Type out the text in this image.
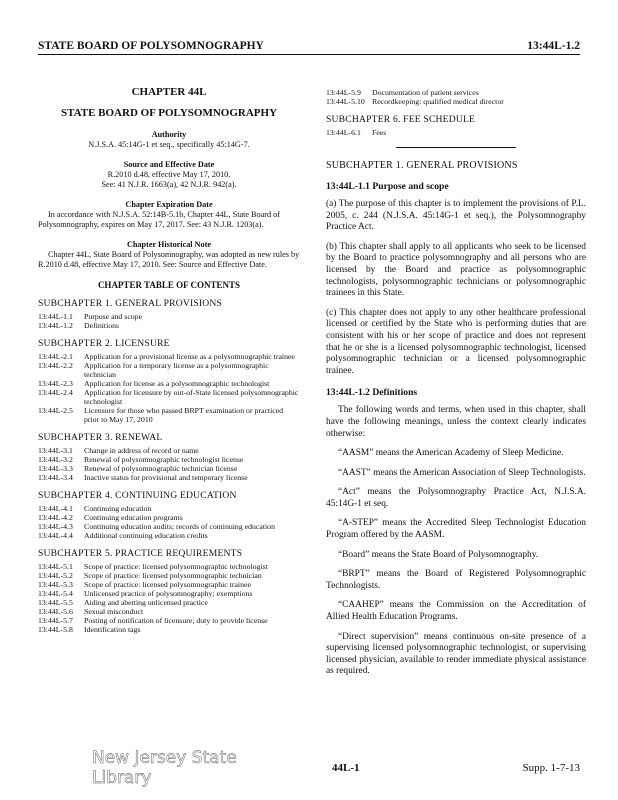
STATE BOARD OF POLYSOMNOGRAPHY	13:44L-1.2
CHAPTER 44L
STATE BOARD OF POLYSOMNOGRAPHY
Authority
N.J.S.A. 45:14G-1 et seq., specifically 45:14G-7.
Source and Effective Date
R.2010 d.48, effective May 17, 2010.
See: 41 N.J.R. 1663(a), 42 N.J.R. 942(a).
Chapter Expiration Date
In accordance with N.J.S.A. 52:14B-5.1b, Chapter 44L, State Board of Polysomnography, expires on May 17, 2017. See: 43 N.J.R. 1203(a).
Chapter Historical Note
Chapter 44L, State Board of Polysomnography, was adopted as new rules by R.2010 d.48, effective May 17, 2010. See: Source and Effective Date.
CHAPTER TABLE OF CONTENTS
SUBCHAPTER 1. GENERAL PROVISIONS
13:44L-1.1	Purpose and scope
13:44L-1.2	Definitions
SUBCHAPTER 2. LICENSURE
13:44L-2.1	Application for a provisional license as a polysomnographic trainee
13:44L-2.2	Application for a temporary license as a polysomnographic technician
13:44L-2.3	Application for license as a polysomnographic technologist
13:44L-2.4	Application for licensure by out-of-State licensed polysomnographic technologist
13:44L-2.5	Licensure for those who passed BRPT examination or practiced prior to May 17, 2010
SUBCHAPTER 3. RENEWAL
13:44L-3.1	Change in address of record or name
13:44L-3.2	Renewal of polysomnographic technologist license
13:44L-3.3	Renewal of polysomnographic technician license
13:44L-3.4	Inactive status for provisional and temporary license
SUBCHAPTER 4. CONTINUING EDUCATION
13:44L-4.1	Continuing education
13:44L-4.2	Continuing education programs
13:44L-4.3	Continuing education audits; records of continuing education
13:44L-4.4	Additional continuing education credits
SUBCHAPTER 5. PRACTICE REQUIREMENTS
13:44L-5.1	Scope of practice: licensed polysomnographic technologist
13:44L-5.2	Scope of practice: licensed polysomnographic technician
13:44L-5.3	Scope of practice: licensed polysomnographic trainee
13:44L-5.4	Unlicensed practice of polysomnography; exemptions
13:44L-5.5	Aiding and abetting unlicensed practice
13:44L-5.6	Sexual misconduct
13:44L-5.7	Posting of notification of licensure; duty to provide license
13:44L-5.8	Identification tags
13:44L-5.9	Documentation of patient services
13:44L-5.10 Recordkeeping: qualified medical director
SUBCHAPTER 6. FEE SCHEDULE
13:44L-6.1	Fees
SUBCHAPTER 1. GENERAL PROVISIONS
13:44L-1.1 Purpose and scope

(a) The purpose of this chapter is to implement the provisions of P.L. 2005, c. 244 (N.J.S.A. 45:14G-1 et seq.), the Polysomnography Practice Act.

(b) This chapter shall apply to all applicants who seek to be licensed by the Board to practice polysomnography and all persons who are licensed by the Board and practice as polysomnographic technologists, polysomnographic technicians or polysomnographic trainees in this State.

(c) This chapter does not apply to any other healthcare professional licensed or certified by the State who is performing duties that are consistent with his or her scope of practice and does not represent that he or she is a licensed polysomnographic technologist, licensed polysomnographic technician or a licensed polysomnographic trainee.

13:44L-1.2 Definitions

The following words and terms, when used in this chapter, shall have the following meanings, unless the context clearly indicates otherwise:

“AASM” means the American Academy of Sleep Medicine.

“AAST” means the American Association of Sleep Technologists.

“Act” means the Polysomnography Practice Act, N.J.S.A. 45:14G-1 et seq.

“A-STEP” means the Accredited Sleep Technologist Education Program offered by the AASM.

“Board” means the State Board of Polysomnography.

“BRPT” means the Board of Registered Polysomnographic Technologists.

“CAAHEP” means the Commission on the Accreditation of Allied Health Education Programs.

“Direct supervision” means continuous on-site presence of a supervising licensed polysomnographic technologist, or supervising licensed physician, available to render immediate physical assistance as required.

New Jersey State Library	44L-1	Supp. 1-7-13
